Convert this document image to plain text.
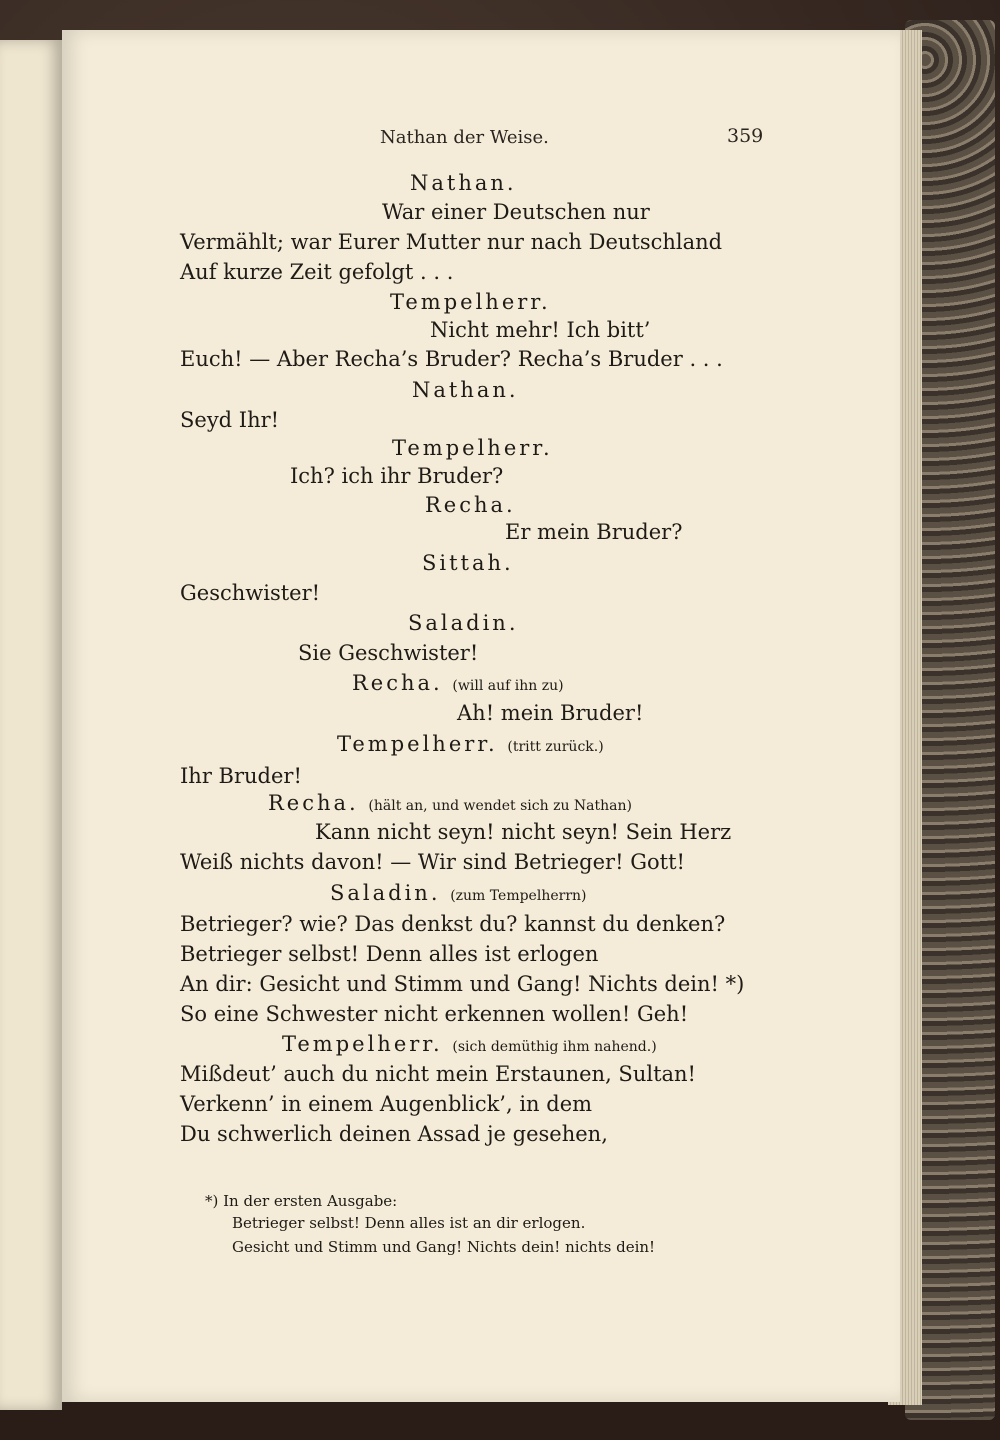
Nathan der Weise.	359
Nathan.
War einer Deutschen nur
Vermählt; war Eurer Mutter nur nach Deutschland
Auf kurze Zeit gefolgt . . .
Tempelherr.
Nicht mehr! Ich bitt’
Euch! — Aber Recha’s Bruder? Recha’s Bruder . . .
Nathan.
Seyd Ihr!
Tempelherr.
Ich? ich ihr Bruder?
Recha.
Er mein Bruder?
Sittah.
Geschwister!
Saladin.
Sie Geschwister!
Recha. (will auf ihn zu)
Ah! mein Bruder!
Tempelherr. (tritt zurück.)
Ihr Bruder!
Recha. (hält an, und wendet sich zu Nathan)
Kann nicht seyn! nicht seyn! Sein Herz
Weiß nichts davon! — Wir sind Betrieger! Gott!
Saladin. (zum Tempelherrn)
Betrieger? wie? Das denkst du? kannst du denken?
Betrieger selbst! Denn alles ist erlogen
An dir: Gesicht und Stimm und Gang! Nichts dein! *)
So eine Schwester nicht erkennen wollen! Geh!
Tempelherr. (sich demüthig ihm nahend.)
Mißdeut’ auch du nicht mein Erstaunen, Sultan!
Verkenn’ in einem Augenblick’, in dem
Du schwerlich deinen Assad je gesehen,
*) In der ersten Ausgabe:
Betrieger selbst! Denn alles ist an dir erlogen.
Gesicht und Stimm und Gang! Nichts dein! nichts dein!
